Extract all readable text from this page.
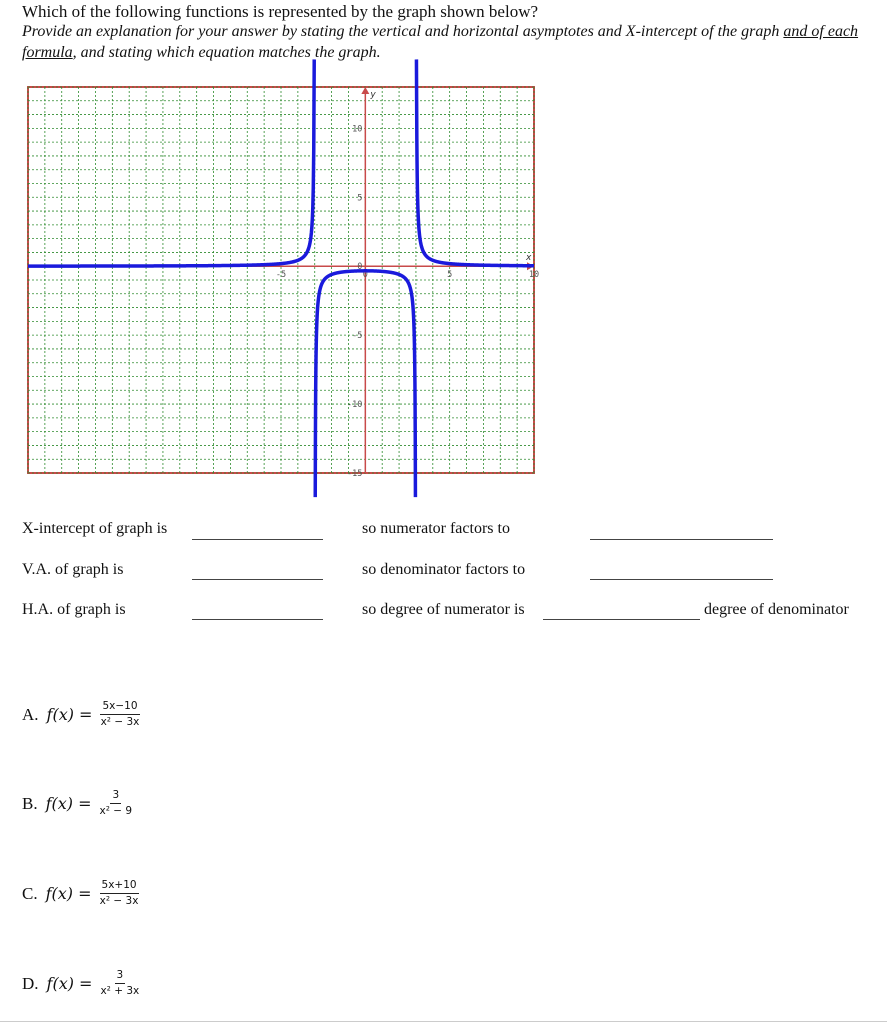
Which of the following functions is represented by the graph shown below?
Provide an explanation for your answer by stating the vertical and horizontal asymptotes and X-intercept of the graph and of each formula, and stating which equation matches the graph.
x
y
-5	0	5	10
10
5
0
-5
-10
-15
X-intercept of graph is	so numerator factors to
V.A. of graph is	so denominator factors to
H.A. of graph is	so degree of numerator is	degree of denominator
A. $f(x) = \frac{5x-10}{\text{x² − 3x}}$
B. $f(x) = \frac{3}{\text{x² − 9}}$
C. $f(x) = \frac{5x+10}{\text{x² − 3x}}$
D. $f(x) = \frac{3}{\text{x² + 3x}}$
